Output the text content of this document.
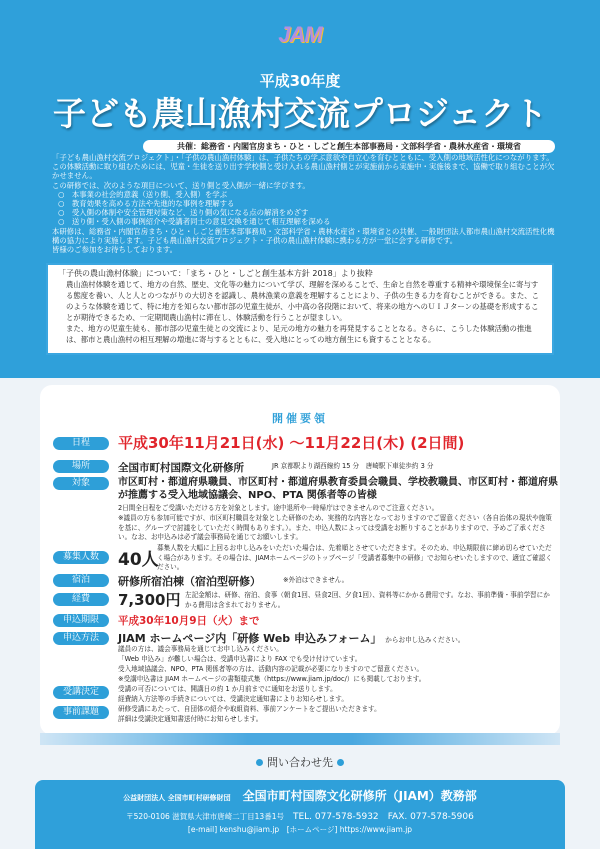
JAM
平成30年度
子ども農山漁村交流プロジェクト
共催：総務省・内閣官房まち・ひと・しごと創生本部事務局・文部科学省・農林水産省・環境省

「子ども農山漁村交流プロジェクト」・「子供の農山漁村体験」は、子供たちの学ぶ意欲や自立心を育むとともに、受入側の地域活性化につながります。この体験活動に取り組むためには、児童・生徒を送り出す学校側と受け入れる農山漁村側とが実施前から実施中・実施後まで、協働で取り組むことが欠かせません。

この研修では、次のような項目について、送り側と受入側が一緒に学びます。

○　本事業の社会的意義（送り側、受入側）を学ぶ

○　教育効果を高める方法や先進的な事例を理解する

○　受入側の体制や安全管理対策など、送り側の気になる点の解消をめざす

○　送り側・受入側の事例紹介や受講者同士の意見交換を通じて相互理解を深める

本研修は、総務省・内閣官房まち・ひと・しごと創生本部事務局・文部科学省・農林水産省・環境省との共催、一般財団法人都市農山漁村交流活性化機構の協力により実施します。子ども農山漁村交流プロジェクト・子供の農山漁村体験に携わる方が一堂に会する研修です。

皆様のご参加をお待ちしております。

「子供の農山漁村体験」について：「まち・ひと・しごと創生基本方針 2018」より抜粋

農山漁村体験を通じて、地方の自然、歴史、文化等の魅力について学び、理解を深めることで、生命と自然を尊重する精神や環境保全に寄与する態度を養い、人と人とのつながりの大切さを認識し、農林漁業の意義を理解することにより、子供の生きる力を育むことができる。また、このような体験を通じて、特に地方を知らない都市部の児童生徒が、小中高の各段階において、将来の地方へのＵＩＪターンの基礎を形成することが期待できるため、一定期間農山漁村に滞在し、体験活動を行うことが望ましい。

また、地方の児童生徒も、都市部の児童生徒との交流により、足元の地方の魅力を再発見することとなる。さらに、こうした体験活動の推進は、都市と農山漁村の相互理解の増進に寄与するとともに、受入地にとっての地方創生にも資することとなる。

開催要領
日程	平成30年11月21日(水) ～11月22日(木) (2日間)
場所	全国市町村国際文化研修所	JR 京都駅より湖西線約 15 分　唐崎駅下車徒歩約 3 分
対象	市区町村・都道府県職員、市区町村・都道府県教育委員会職員、学校教職員、市区町村・都道府県が推薦する受入地域協議会、NPO、PTA 関係者等の皆様
2日間全日程をご受講いただける方を対象とします。途中退所や一時帰庁はできませんのでご注意ください。
※議員の方も参加可能ですが、市区町村職員を対象とした研修のため、実務的な内容となっておりますのでご留意ください（各自治体の現状や施策を基に、グループで討議をしていただく時間もあります。）。また、申込人数によっては受講をお断りすることがありますので、予めご了承ください。なお、お申込みは必ず議会事務局を通じてお願いします。
募集人数	40人
募集人数を大幅に上回るお申し込みをいただいた場合は、先着順とさせていただきます。そのため、申込期限前に締め切らせていただく場合があります。その場合は、JIAMホームページのトップページ「受講者募集中の研修」でお知らせいたしますので、適宜ご確認ください。
宿泊	研修所宿泊棟（宿泊型研修）	※外泊はできません。
経費	7,300円 左記金額は、研修、宿泊、食事（朝食1回、昼食2回、夕食1回）、資料等にかかる費用です。なお、事前準備・事前学習にかかる費用は含まれておりません。
申込期限	平成30年10月9日（火）まで
申込方法	JIAM ホームページ内「研修 Web 申込みフォーム」 からお申し込みください。
議員の方は、議会事務局を通じてお申し込みください。
「Web 申込み」が難しい場合は、受講申込書により FAX でも受け付けています。
受入地域協議会、NPO、PTA 関係者等の方は、活動内容の記載が必要になりますのでご留意ください。
※受講申込書は JIAM ホームページの書類様式集（https://www.jiam.jp/doc/）にも掲載しております。
受講決定	受講の可否については、開講日の約 1 か月前までに通知をお送りします。
経費納入方法等の手続きについては、受講決定通知書によりお知らせします。
事前課題	研修受講にあたって、自団体の紹介や取組資料、事前アンケートをご提出いただきます。
詳細は受講決定通知書送付時にお知らせします。
問い合わせ先
公益財団法人 全国市町村研修財団　 全国市町村国際文化研修所（JIAM）教務部
〒520-0106 滋賀県大津市唐崎二丁目13番1号　 TEL. 077-578-5932　 FAX. 077-578-5906
[e-mail] kenshu@jiam.jp　 [ホームページ] https://www.jiam.jp
